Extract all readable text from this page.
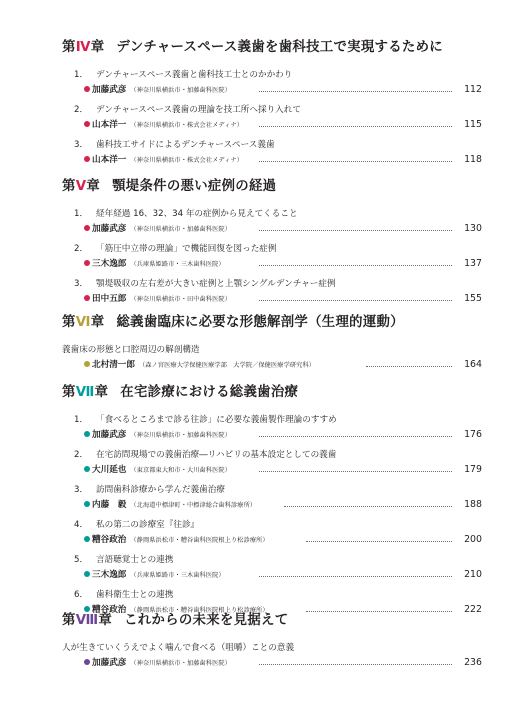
第Ⅳ章 デンチャースペース義歯を歯科技工で実現するために
1． デンチャースペース義歯と歯科技工士とのかかわり
加藤武彦 （神奈川県横浜市・加藤歯科医院）	112
2． デンチャースペース義歯の理論を技工所へ採り入れて
山本洋一 （神奈川県横浜市・株式会社メディナ）	115
3． 歯科技工サイドによるデンチャースペース義歯
山本洋一 （神奈川県横浜市・株式会社メディナ）	118
第Ⅴ章 顎堤条件の悪い症例の経過
1． 経年経過 16、32、34 年の症例から見えてくること
加藤武彦 （神奈川県横浜市・加藤歯科医院）	130
2． 「筋圧中立帯の理論」で機能回復を図った症例
三木逸郎 （兵庫県姫路市・三木歯科医院）	137
3． 顎堤吸収の左右差が大きい症例と上顎シングルデンチャー症例
田中五郎 （神奈川県横浜市・田中歯科医院）	155
第Ⅵ章 総義歯臨床に必要な形態解剖学（生理的運動）
義歯床の形態と口腔周辺の解剖構造
北村清一郎 （森ノ宮医療大学保健医療学部　大学院／保健医療学研究科）	164
第Ⅶ章 在宅診療における総義歯治療
1． 「食べるところまで診る往診」に必要な義歯製作理論のすすめ
加藤武彦 （神奈川県横浜市・加藤歯科医院）	176
2． 在宅訪問現場での義歯治療―リハビリの基本設定としての義歯
大川延也 （東京都東大和市・大川歯科医院）	179
3． 訪問歯科診療から学んだ義歯治療
内藤　毅 （北海道中標津町・中標津総合歯科診療所）	188
4． 私の第二の診療室『往診』
糟谷政治 （静岡県浜松市・糟谷歯科医院根上り松診療所）	200
5． 言語聴覚士との連携
三木逸郎 （兵庫県姫路市・三木歯科医院）	210
6． 歯科衛生士との連携
糟谷政治 （静岡県浜松市・糟谷歯科医院根上り松診療所）	222
第Ⅷ章 これからの未来を見据えて
人が生きていくうえでよく噛んで食べる（咀嚼）ことの意義
加藤武彦 （神奈川県横浜市・加藤歯科医院）	236
